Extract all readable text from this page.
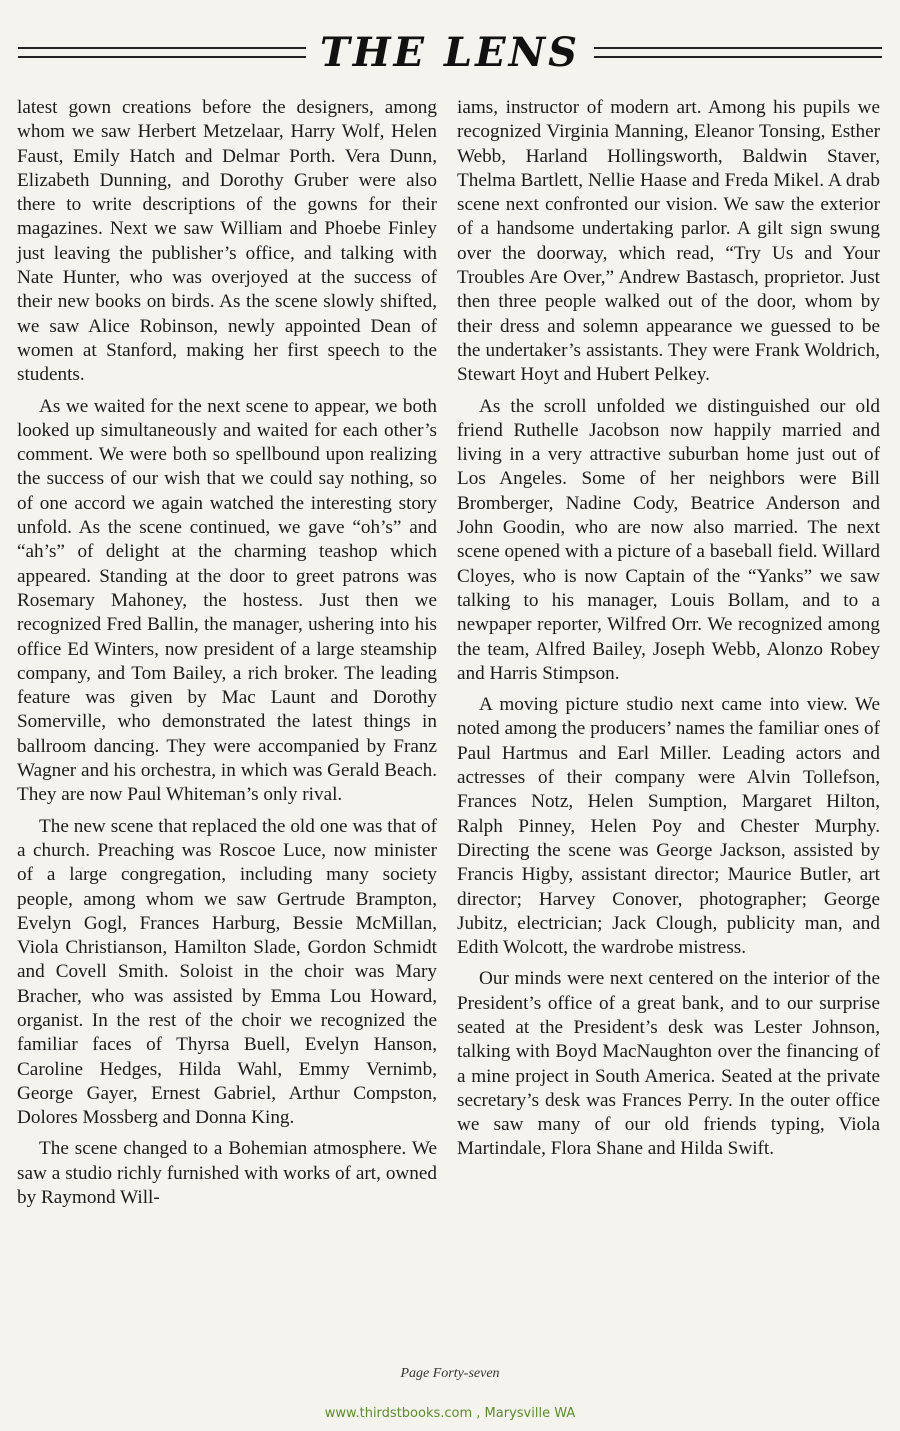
THE LENS

latest gown creations before the designers, among whom we saw Herbert Metzelaar, Harry Wolf, Helen Faust, Emily Hatch and Delmar Porth. Vera Dunn, Elizabeth Dunning, and Dorothy Gruber were also there to write descriptions of the gowns for their magazines. Next we saw William and Phoebe Finley just leaving the publisher’s office, and talking with Nate Hunter, who was overjoyed at the success of their new books on birds. As the scene slowly shifted, we saw Alice Robinson, newly appointed Dean of women at Stanford, making her first speech to the students.

As we waited for the next scene to appear, we both looked up simultaneously and waited for each other’s comment. We were both so spellbound upon realizing the success of our wish that we could say nothing, so of one accord we again watched the interesting story unfold. As the scene continued, we gave “oh’s” and “ah’s” of delight at the charming teashop which appeared. Standing at the door to greet patrons was Rosemary Mahoney, the hostess. Just then we recognized Fred Ballin, the manager, ushering into his office Ed Winters, now president of a large steamship company, and Tom Bailey, a rich broker. The leading feature was given by Mac Launt and Dorothy Somerville, who demonstrated the latest things in ballroom dancing. They were accompanied by Franz Wagner and his orchestra, in which was Gerald Beach. They are now Paul Whiteman’s only rival.

The new scene that replaced the old one was that of a church. Preaching was Roscoe Luce, now minister of a large congregation, including many society people, among whom we saw Gertrude Brampton, Evelyn Gogl, Frances Harburg, Bessie McMillan, Viola Christianson, Hamilton Slade, Gordon Schmidt and Covell Smith. Soloist in the choir was Mary Bracher, who was assisted by Emma Lou Howard, organist. In the rest of the choir we recognized the familiar faces of Thyrsa Buell, Evelyn Hanson, Caroline Hedges, Hilda Wahl, Emmy Vernimb, George Gayer, Ernest Gabriel, Arthur Compston, Dolores Mossberg and Donna King.

The scene changed to a Bohemian atmosphere. We saw a studio richly furnished with works of art, owned by Raymond Will-

iams, instructor of modern art. Among his pupils we recognized Virginia Manning, Eleanor Tonsing, Esther Webb, Harland Hollingsworth, Baldwin Staver, Thelma Bartlett, Nellie Haase and Freda Mikel. A drab scene next confronted our vision. We saw the exterior of a handsome undertaking parlor. A gilt sign swung over the doorway, which read, “Try Us and Your Troubles Are Over,” Andrew Bastasch, proprietor. Just then three people walked out of the door, whom by their dress and solemn appearance we guessed to be the undertaker’s assistants. They were Frank Woldrich, Stewart Hoyt and Hubert Pelkey.

As the scroll unfolded we distinguished our old friend Ruthelle Jacobson now happily married and living in a very attractive suburban home just out of Los Angeles. Some of her neighbors were Bill Bromberger, Nadine Cody, Beatrice Anderson and John Goodin, who are now also married. The next scene opened with a picture of a baseball field. Willard Cloyes, who is now Captain of the “Yanks” we saw talking to his manager, Louis Bollam, and to a newpaper reporter, Wilfred Orr. We recognized among the team, Alfred Bailey, Joseph Webb, Alonzo Robey and Harris Stimpson.

A moving picture studio next came into view. We noted among the producers’ names the familiar ones of Paul Hartmus and Earl Miller. Leading actors and actresses of their company were Alvin Tollefson, Frances Notz, Helen Sumption, Margaret Hilton, Ralph Pinney, Helen Poy and Chester Murphy. Directing the scene was George Jackson, assisted by Francis Higby, assistant director; Maurice Butler, art director; Harvey Conover, photographer; George Jubitz, electrician; Jack Clough, publicity man, and Edith Wolcott, the wardrobe mistress.

Our minds were next centered on the interior of the President’s office of a great bank, and to our surprise seated at the President’s desk was Lester Johnson, talking with Boyd MacNaughton over the financing of a mine project in South America. Seated at the private secretary’s desk was Frances Perry. In the outer office we saw many of our old friends typing, Viola Martindale, Flora Shane and Hilda Swift.

Page Forty-seven
www.thirdstbooks.com , Marysville WA
